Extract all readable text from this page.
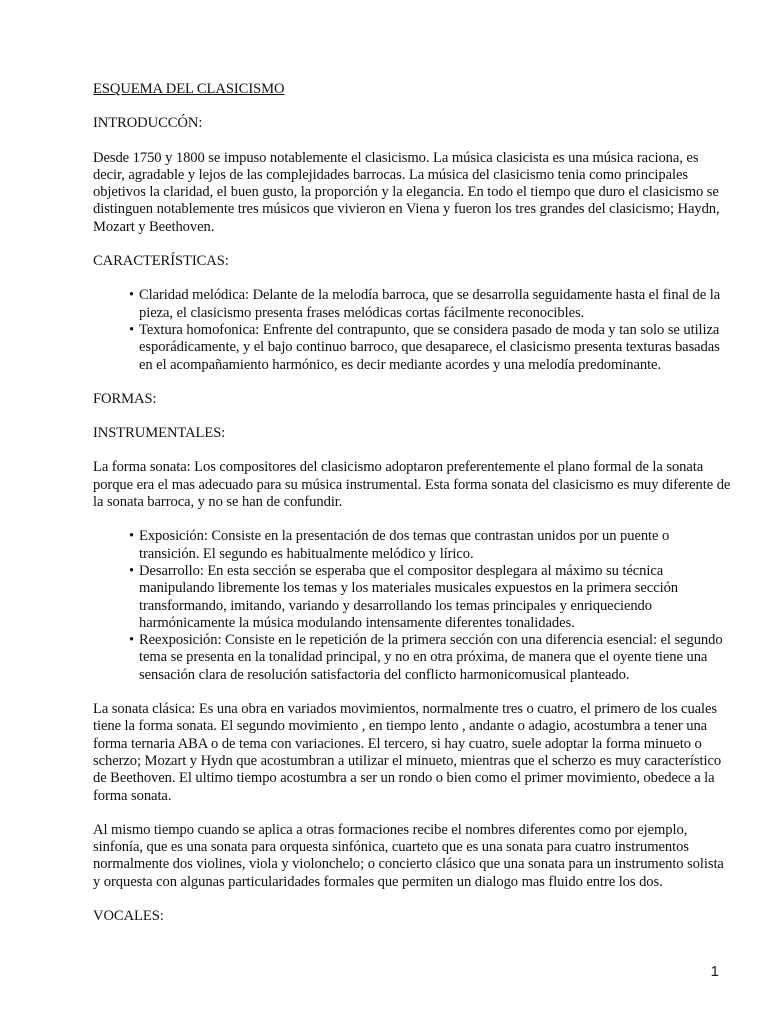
ESQUEMA DEL CLASICISMO

INTRODUCCÓN:

Desde 1750 y 1800 se impuso notablemente el clasicismo. La música clasicista es una música raciona, es decir, agradable y lejos de las complejidades barrocas. La música del clasicismo tenia como principales objetivos la claridad, el buen gusto, la proporción y la elegancia. En todo el tiempo que duro el clasicismo se distinguen notablemente tres músicos que vivieron en Viena y fueron los tres grandes del clasicismo; Haydn, Mozart y Beethoven.

CARACTERÍSTICAS:

• Claridad melódica: Delante de la melodía barroca, que se desarrolla seguidamente hasta el final de la pieza, el clasicismo presenta frases melódicas cortas fácilmente reconocibles.
• Textura homofonica: Enfrente del contrapunto, que se considera pasado de moda y tan solo se utiliza esporádicamente, y el bajo continuo barroco, que desaparece, el clasicismo presenta texturas basadas en el acompañamiento harmónico, es decir mediante acordes y una melodía predominante.

FORMAS:

INSTRUMENTALES:

La forma sonata: Los compositores del clasicismo adoptaron preferentemente el plano formal de la sonata porque era el mas adecuado para su música instrumental. Esta forma sonata del clasicismo es muy diferente de la sonata barroca, y no se han de confundir.

• Exposición: Consiste en la presentación de dos temas que contrastan unidos por un puente o transición. El segundo es habitualmente melódico y lírico.
• Desarrollo: En esta sección se esperaba que el compositor desplegara al máximo su técnica manipulando libremente los temas y los materiales musicales expuestos en la primera sección transformando, imitando, variando y desarrollando los temas principales y enriqueciendo harmónicamente la música modulando intensamente diferentes tonalidades.
• Reexposición: Consiste en le repetición de la primera sección con una diferencia esencial: el segundo tema se presenta en la tonalidad principal, y no en otra próxima, de manera que el oyente tiene una sensación clara de resolución satisfactoria del conflicto harmonicomusical planteado.

La sonata clásica: Es una obra en variados movimientos, normalmente tres o cuatro, el primero de los cuales tiene la forma sonata. El segundo movimiento , en tiempo lento , andante o adagio, acostumbra a tener una forma ternaria ABA o de tema con variaciones. El tercero, si hay cuatro, suele adoptar la forma minueto o scherzo; Mozart y Hydn que acostumbran a utilizar el minueto, mientras que el scherzo es muy característico de Beethoven. El ultimo tiempo acostumbra a ser un rondo o bien como el primer movimiento, obedece a la forma sonata.

Al mismo tiempo cuando se aplica a otras formaciones recibe el nombres diferentes como por ejemplo, sinfonía, que es una sonata para orquesta sinfónica, cuarteto que es una sonata para cuatro instrumentos normalmente dos violines, viola y violonchelo; o concierto clásico que una sonata para un instrumento solista y orquesta con algunas particularidades formales que permiten un dialogo mas fluido entre los dos.

VOCALES:

1
